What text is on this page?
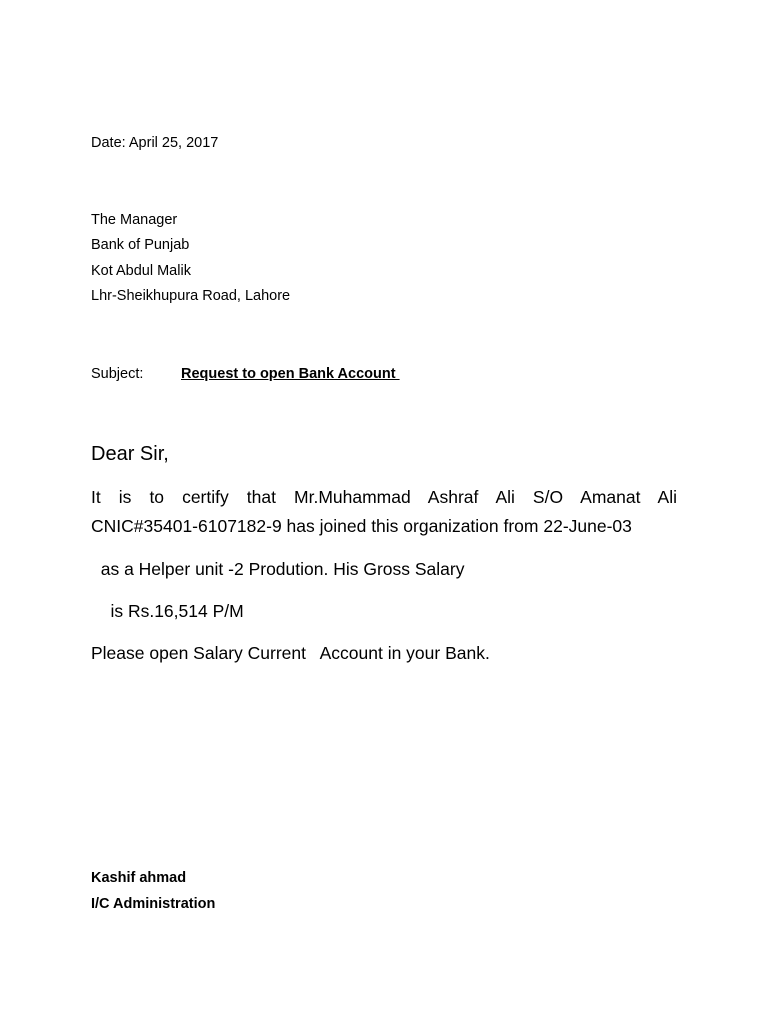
Date: April 25, 2017
The Manager
Bank of Punjab
Kot Abdul Malik
Lhr-Sheikhupura Road, Lahore
Subject:	Request to open Bank Account
Dear Sir,
It is to certify that Mr.Muhammad Ashraf Ali S/O Amanat Ali
CNIC#35401-6107182-9 has joined this organization from 22-June-03
as a Helper unit -2 Prodution. His Gross Salary
is Rs.16,514 P/M
Please open Salary Current   Account in your Bank.
Kashif ahmad
I/C Administration
